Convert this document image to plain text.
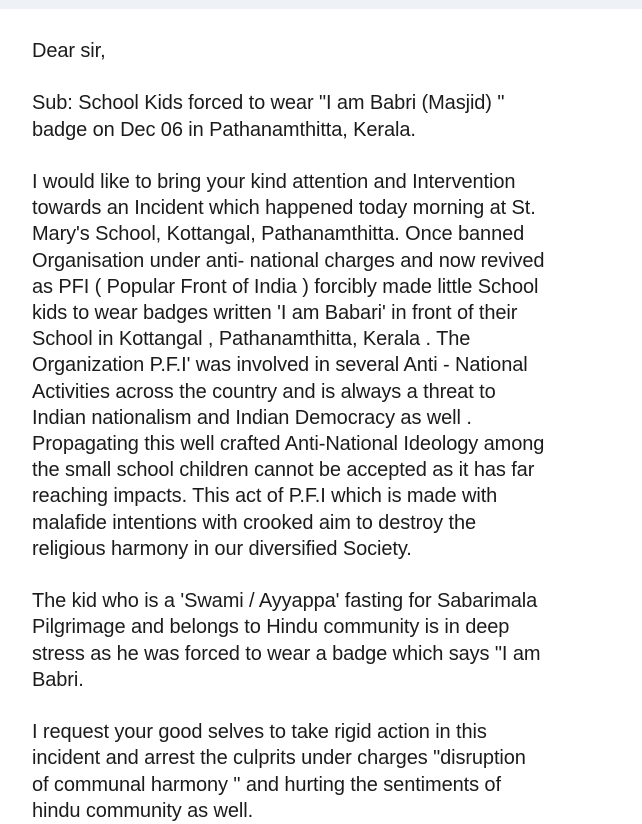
Dear sir,

Sub: School Kids forced to wear "I am Babri (Masjid) "
badge on Dec 06 in Pathanamthitta, Kerala.

I would like to bring your kind attention and Intervention
towards an Incident which happened today morning at St.
Mary's School, Kottangal, Pathanamthitta. Once banned
Organisation under anti- national charges and now revived
as PFI ( Popular Front of India ) forcibly made little School
kids to wear badges written 'I am Babari' in front of their
School in Kottangal , Pathanamthitta, Kerala . The
Organization P.F.I' was involved in several Anti - National
Activities across the country and is always a threat to
Indian nationalism and Indian Democracy as well .
Propagating this well crafted Anti-National Ideology among
the small school children cannot be accepted as it has far
reaching impacts. This act of P.F.I which is made with
malafide intentions with crooked aim to destroy the
religious harmony in our diversified Society.

The kid who is a 'Swami / Ayyappa' fasting for Sabarimala
Pilgrimage and belongs to Hindu community is in deep
stress as he was forced to wear a badge which says "I am
Babri.

I request your good selves to take rigid action in this
incident and arrest the culprits under charges "disruption
of communal harmony " and hurting the sentiments of
hindu community as well.
